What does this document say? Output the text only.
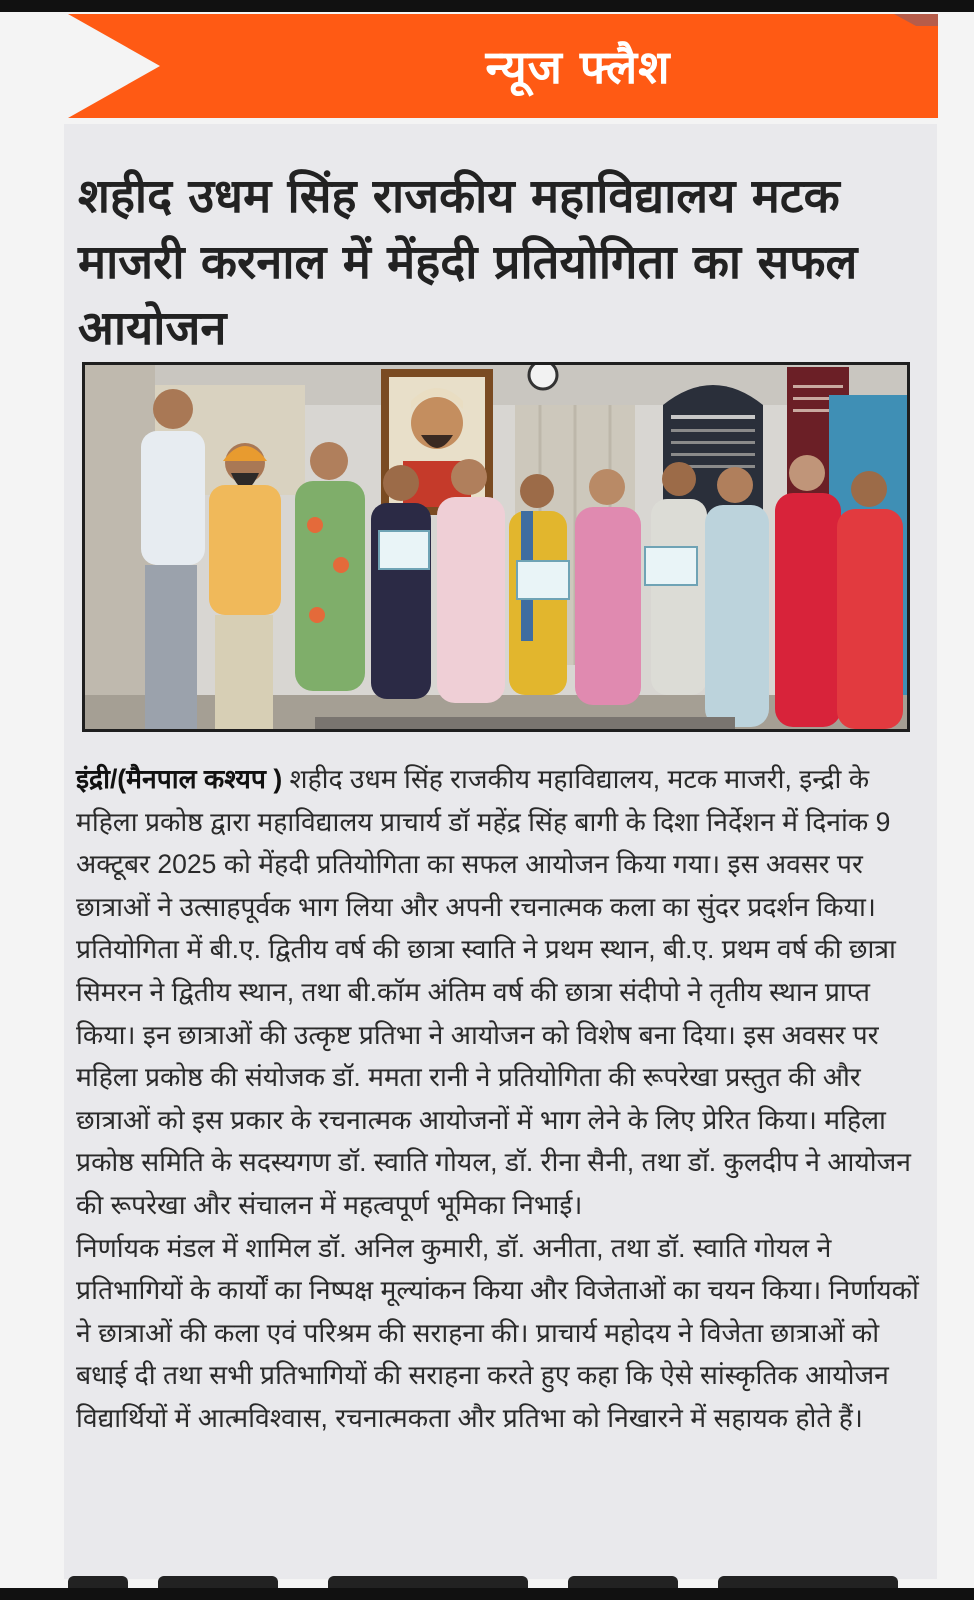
न्यूज फ्लैश
शहीद उधम सिंह राजकीय महाविद्यालय मटक माजरी करनाल में मेंहदी प्रतियोगिता का सफल आयोजन

इंद्री/(मैनपाल कश्यप ) शहीद उधम सिंह राजकीय महाविद्यालय, मटक माजरी, इन्द्री के महिला प्रकोष्ठ द्वारा महाविद्यालय प्राचार्य डॉ महेंद्र सिंह बागी के दिशा निर्देशन में दिनांक 9 अक्टूबर 2025 को मेंहदी प्रतियोगिता का सफल आयोजन किया गया। इस अवसर पर छात्राओं ने उत्साहपूर्वक भाग लिया और अपनी रचनात्मक कला का सुंदर प्रदर्शन किया। प्रतियोगिता में बी.ए. द्वितीय वर्ष की छात्रा स्वाति ने प्रथम स्थान, बी.ए. प्रथम वर्ष की छात्रा सिमरन ने द्वितीय स्थान, तथा बी.कॉम अंतिम वर्ष की छात्रा संदीपो ने तृतीय स्थान प्राप्त किया। इन छात्राओं की उत्कृष्ट प्रतिभा ने आयोजन को विशेष बना दिया। इस अवसर पर महिला प्रकोष्ठ की संयोजक डॉ. ममता रानी ने प्रतियोगिता की रूपरेखा प्रस्तुत की और छात्राओं को इस प्रकार के रचनात्मक आयोजनों में भाग लेने के लिए प्रेरित किया। महिला प्रकोष्ठ समिति के सदस्यगण डॉ. स्वाति गोयल, डॉ. रीना सैनी, तथा डॉ. कुलदीप ने आयोजन की रूपरेखा और संचालन में महत्वपूर्ण भूमिका निभाई।

निर्णायक मंडल में शामिल डॉ. अनिल कुमारी, डॉ. अनीता, तथा डॉ. स्वाति गोयल ने प्रतिभागियों के कार्यों का निष्पक्ष मूल्यांकन किया और विजेताओं का चयन किया। निर्णायकों ने छात्राओं की कला एवं परिश्रम की सराहना की। प्राचार्य महोदय ने विजेता छात्राओं को बधाई दी तथा सभी प्रतिभागियों की सराहना करते हुए कहा कि ऐसे सांस्कृतिक आयोजन विद्यार्थियों में आत्मविश्वास, रचनात्मकता और प्रतिभा को निखारने में सहायक होते हैं।
